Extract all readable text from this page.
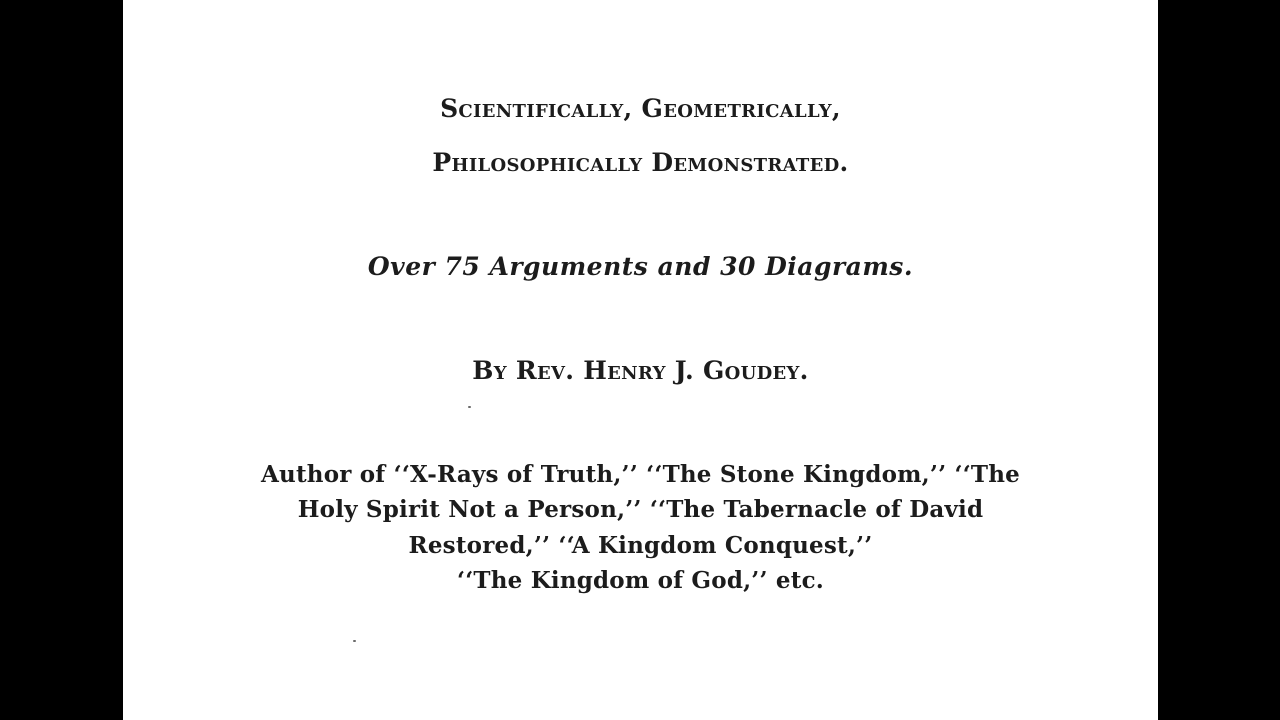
Scientifically, Geometrically,
Philosophically Demonstrated.
Over 75 Arguments and 30 Diagrams.
By Rev. Henry J. Goudey.
Author of ‘‘X-Rays of Truth,’’ ‘‘The Stone Kingdom,’’ ‘‘The
Holy Spirit Not a Person,’’ ‘‘The Tabernacle of David
Restored,’’ ‘‘A Kingdom Conquest,’’
‘‘The Kingdom of God,’’ etc.
